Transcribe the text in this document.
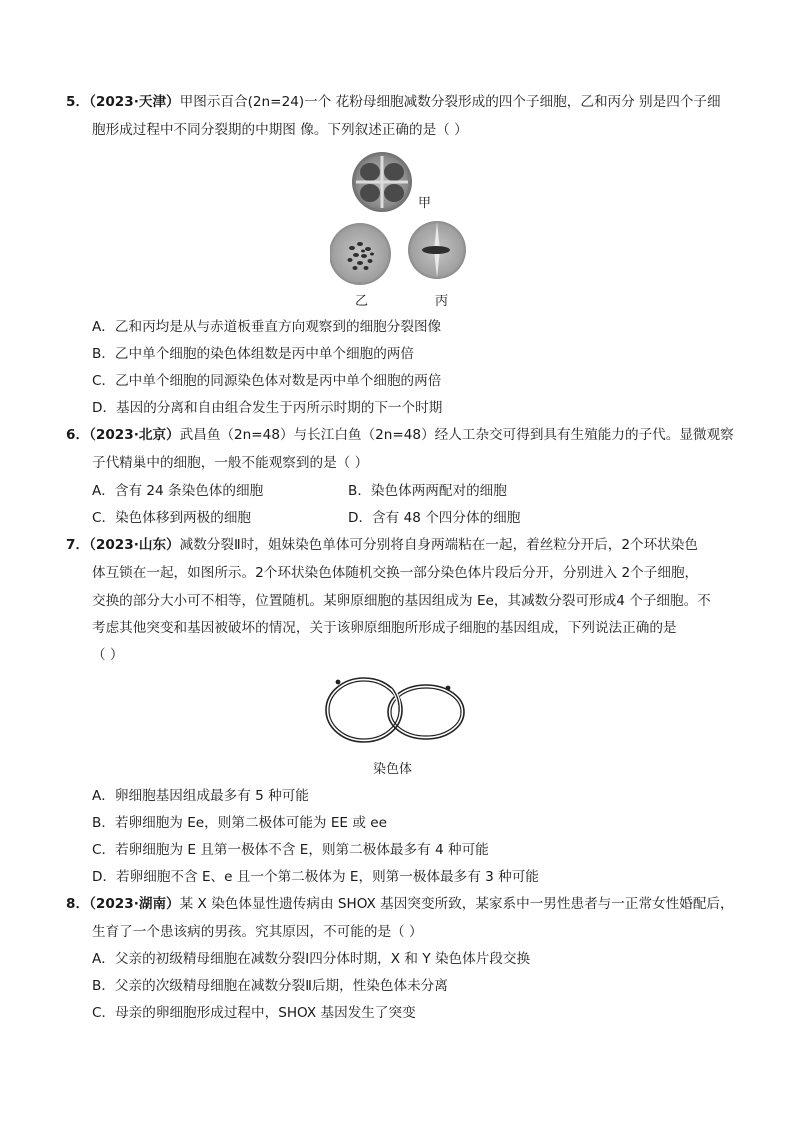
5．（2023·天津）甲图示百合(2n=24)一个 花粉母细胞减数分裂形成的四个子细胞，乙和丙分 别是四个子细
胞形成过程中不同分裂期的中期图 像。下列叙述正确的是（ ）
甲
乙	丙
A．乙和丙均是从与赤道板垂直方向观察到的细胞分裂图像
B．乙中单个细胞的染色体组数是丙中单个细胞的两倍
C．乙中单个细胞的同源染色体对数是丙中单个细胞的两倍
D．基因的分离和自由组合发生于丙所示时期的下一个时期
6．（2023·北京）武昌鱼（2n=48）与长江白鱼（2n=48）经人工杂交可得到具有生殖能力的子代。显微观察
子代精巢中的细胞，一般不能观察到的是（ ）
A．含有 24 条染色体的细胞	B．染色体两两配对的细胞
C．染色体移到两极的细胞	D．含有 48 个四分体的细胞
7．（2023·山东）减数分裂Ⅱ时，姐妹染色单体可分别将自身两端粘在一起，着丝粒分开后，2个环状染色
体互锁在一起，如图所示。2个环状染色体随机交换一部分染色体片段后分开，分别进入 2个子细胞，
交换的部分大小可不相等，位置随机。某卵原细胞的基因组成为 Ee，其减数分裂可形成4 个子细胞。不
考虑其他突变和基因被破坏的情况，关于该卵原细胞所形成子细胞的基因组成，下列说法正确的是
（ ）
染色体
A．卵细胞基因组成最多有 5 种可能
B．若卵细胞为 Ee，则第二极体可能为 EE 或 ee
C．若卵细胞为 E 且第一极体不含 E，则第二极体最多有 4 种可能
D．若卵细胞不含 E、e 且一个第二极体为 E，则第一极体最多有 3 种可能
8．（2023·湖南）某 X 染色体显性遗传病由 SHOX 基因突变所致，某家系中一男性患者与一正常女性婚配后，
生育了一个患该病的男孩。究其原因，不可能的是（ ）
A．父亲的初级精母细胞在减数分裂Ⅰ四分体时期，X 和 Y 染色体片段交换
B．父亲的次级精母细胞在减数分裂Ⅱ后期，性染色体未分离
C．母亲的卵细胞形成过程中，SHOX 基因发生了突变
